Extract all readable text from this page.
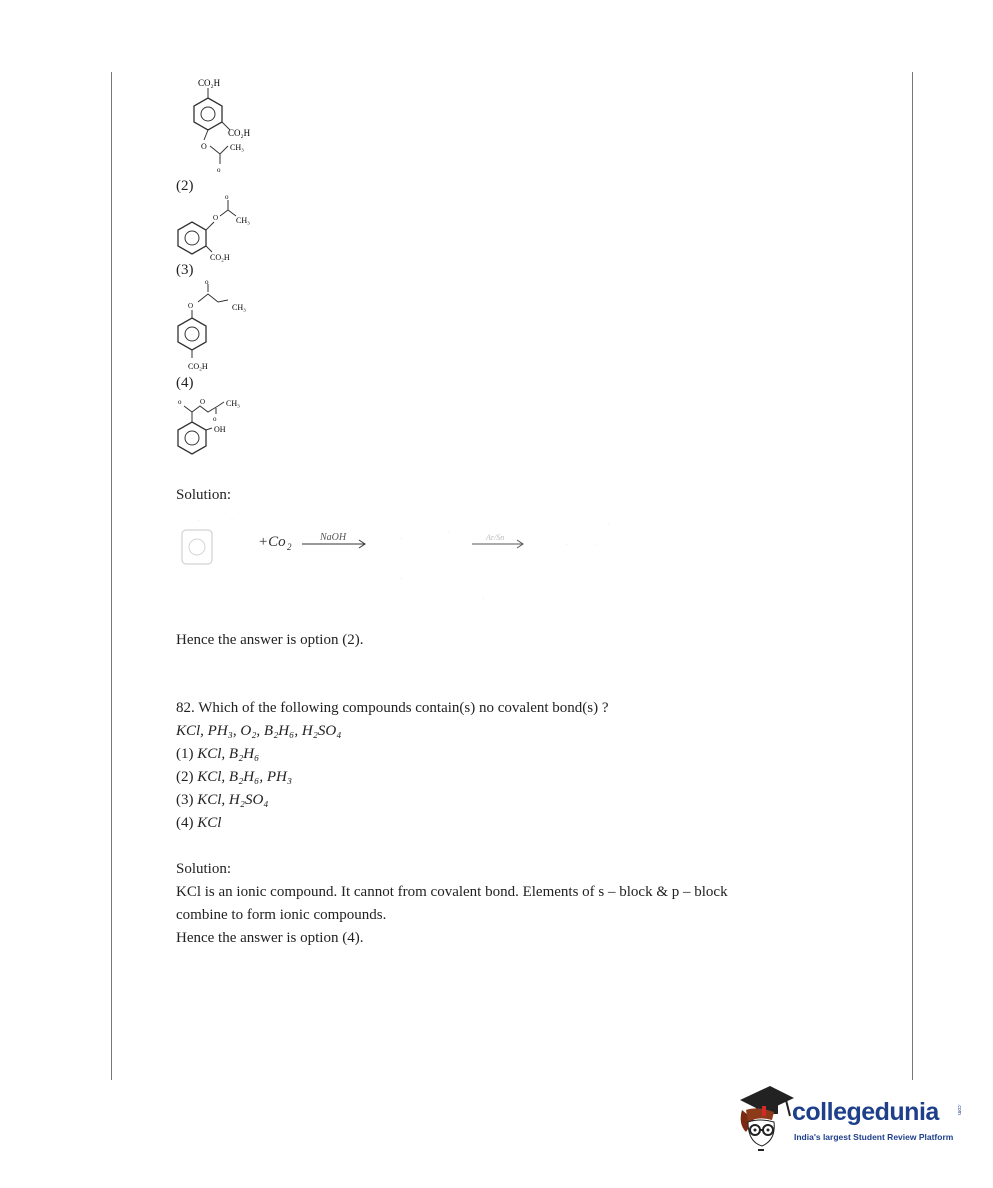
CO₂H
CO₂H
CH₃
O
o
(2)
O
o
CH₃
CO₂H
(3)
CH₃
o
O
CO₂H
(4)
o	O	CH₃
o
OH
Solution:
·	·
+Co 2
NaOH	·
·
·
Ar/Sn
·	·
·
·
Hence the answer is option (2).
82. Which of the following compounds contain(s) no covalent bond(s) ?
KCl, PH₃, O₂, B₂H₆, H₂SO₄
(1) KCl, B₂H₆
(2) KCl, B₂H₆, PH₃
(3) KCl, H₂SO₄
(4) KCl
Solution:
KCl is an ionic compound. It cannot from covalent bond. Elements of s – block & p – block
combine to form ionic compounds.
Hence the answer is option (4).
collegedunia	.com
India's largest Student Review Platform
